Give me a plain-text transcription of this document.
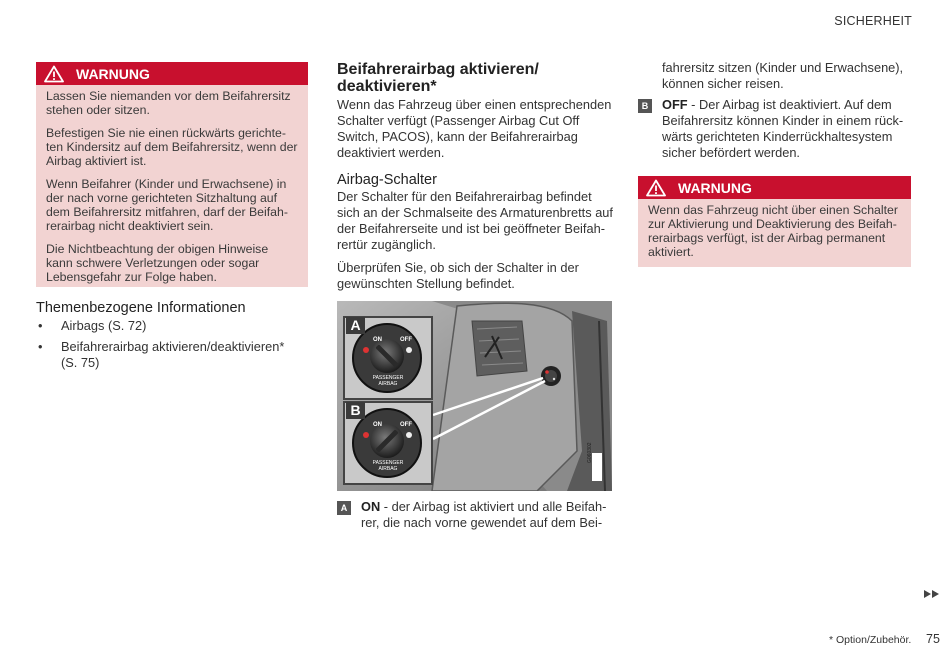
SICHERHEIT
WARNUNG

Lassen Sie niemanden vor dem Beifahrersitz stehen oder sitzen.

Befestigen Sie nie einen rückwärts gerichte-ten Kindersitz auf dem Beifahrersitz, wenn der Airbag aktiviert ist.

Wenn Beifahrer (Kinder und Erwachsene) in der nach vorne gerichteten Sitzhaltung auf dem Beifahrersitz mitfahren, darf der Beifah-rerairbag nicht deaktiviert sein.

Die Nichtbeachtung der obigen Hinweise kann schwere Verletzungen oder sogar Lebensgefahr zur Folge haben.

Themenbezogene Informationen
•	Airbags (S. 72)
•	Beifahrerairbag aktivieren/deaktivieren* (S. 75)
Beifahrerairbag aktivieren/
deaktivieren*

Wenn das Fahrzeug über einen entsprechenden Schalter verfügt (Passenger Airbag Cut Off Switch, PACOS), kann der Beifahrerairbag deaktiviert werden.

Airbag-Schalter

Der Schalter für den Beifahrerairbag befindet sich an der Schmalseite des Armaturenbretts auf der Beifahrerseite und ist bei geöffneter Beifah-rertür zugänglich.

Überprüfen Sie, ob sich der Schalter in der gewünschten Stellung befindet.

ON	OFF
PASSENGER
AIRBAG
A
ON	OFF
PASSENGER
AIRBAG
B
G060302
A ON - der Airbag ist aktiviert und alle Beifah-rer, die nach vorne gewendet auf dem Bei-

fahrersitz sitzen (Kinder und Erwachsene), können sicher reisen.

B OFF - Der Airbag ist deaktiviert. Auf dem Beifahrersitz können Kinder in einem rück-wärts gerichteten Kinderrückhaltesystem sicher befördert werden.
WARNUNG

Wenn das Fahrzeug nicht über einen Schalter zur Aktivierung und Deaktivierung des Beifah-rerairbags verfügt, ist der Airbag permanent aktiviert.

* Option/Zubehör. 75
